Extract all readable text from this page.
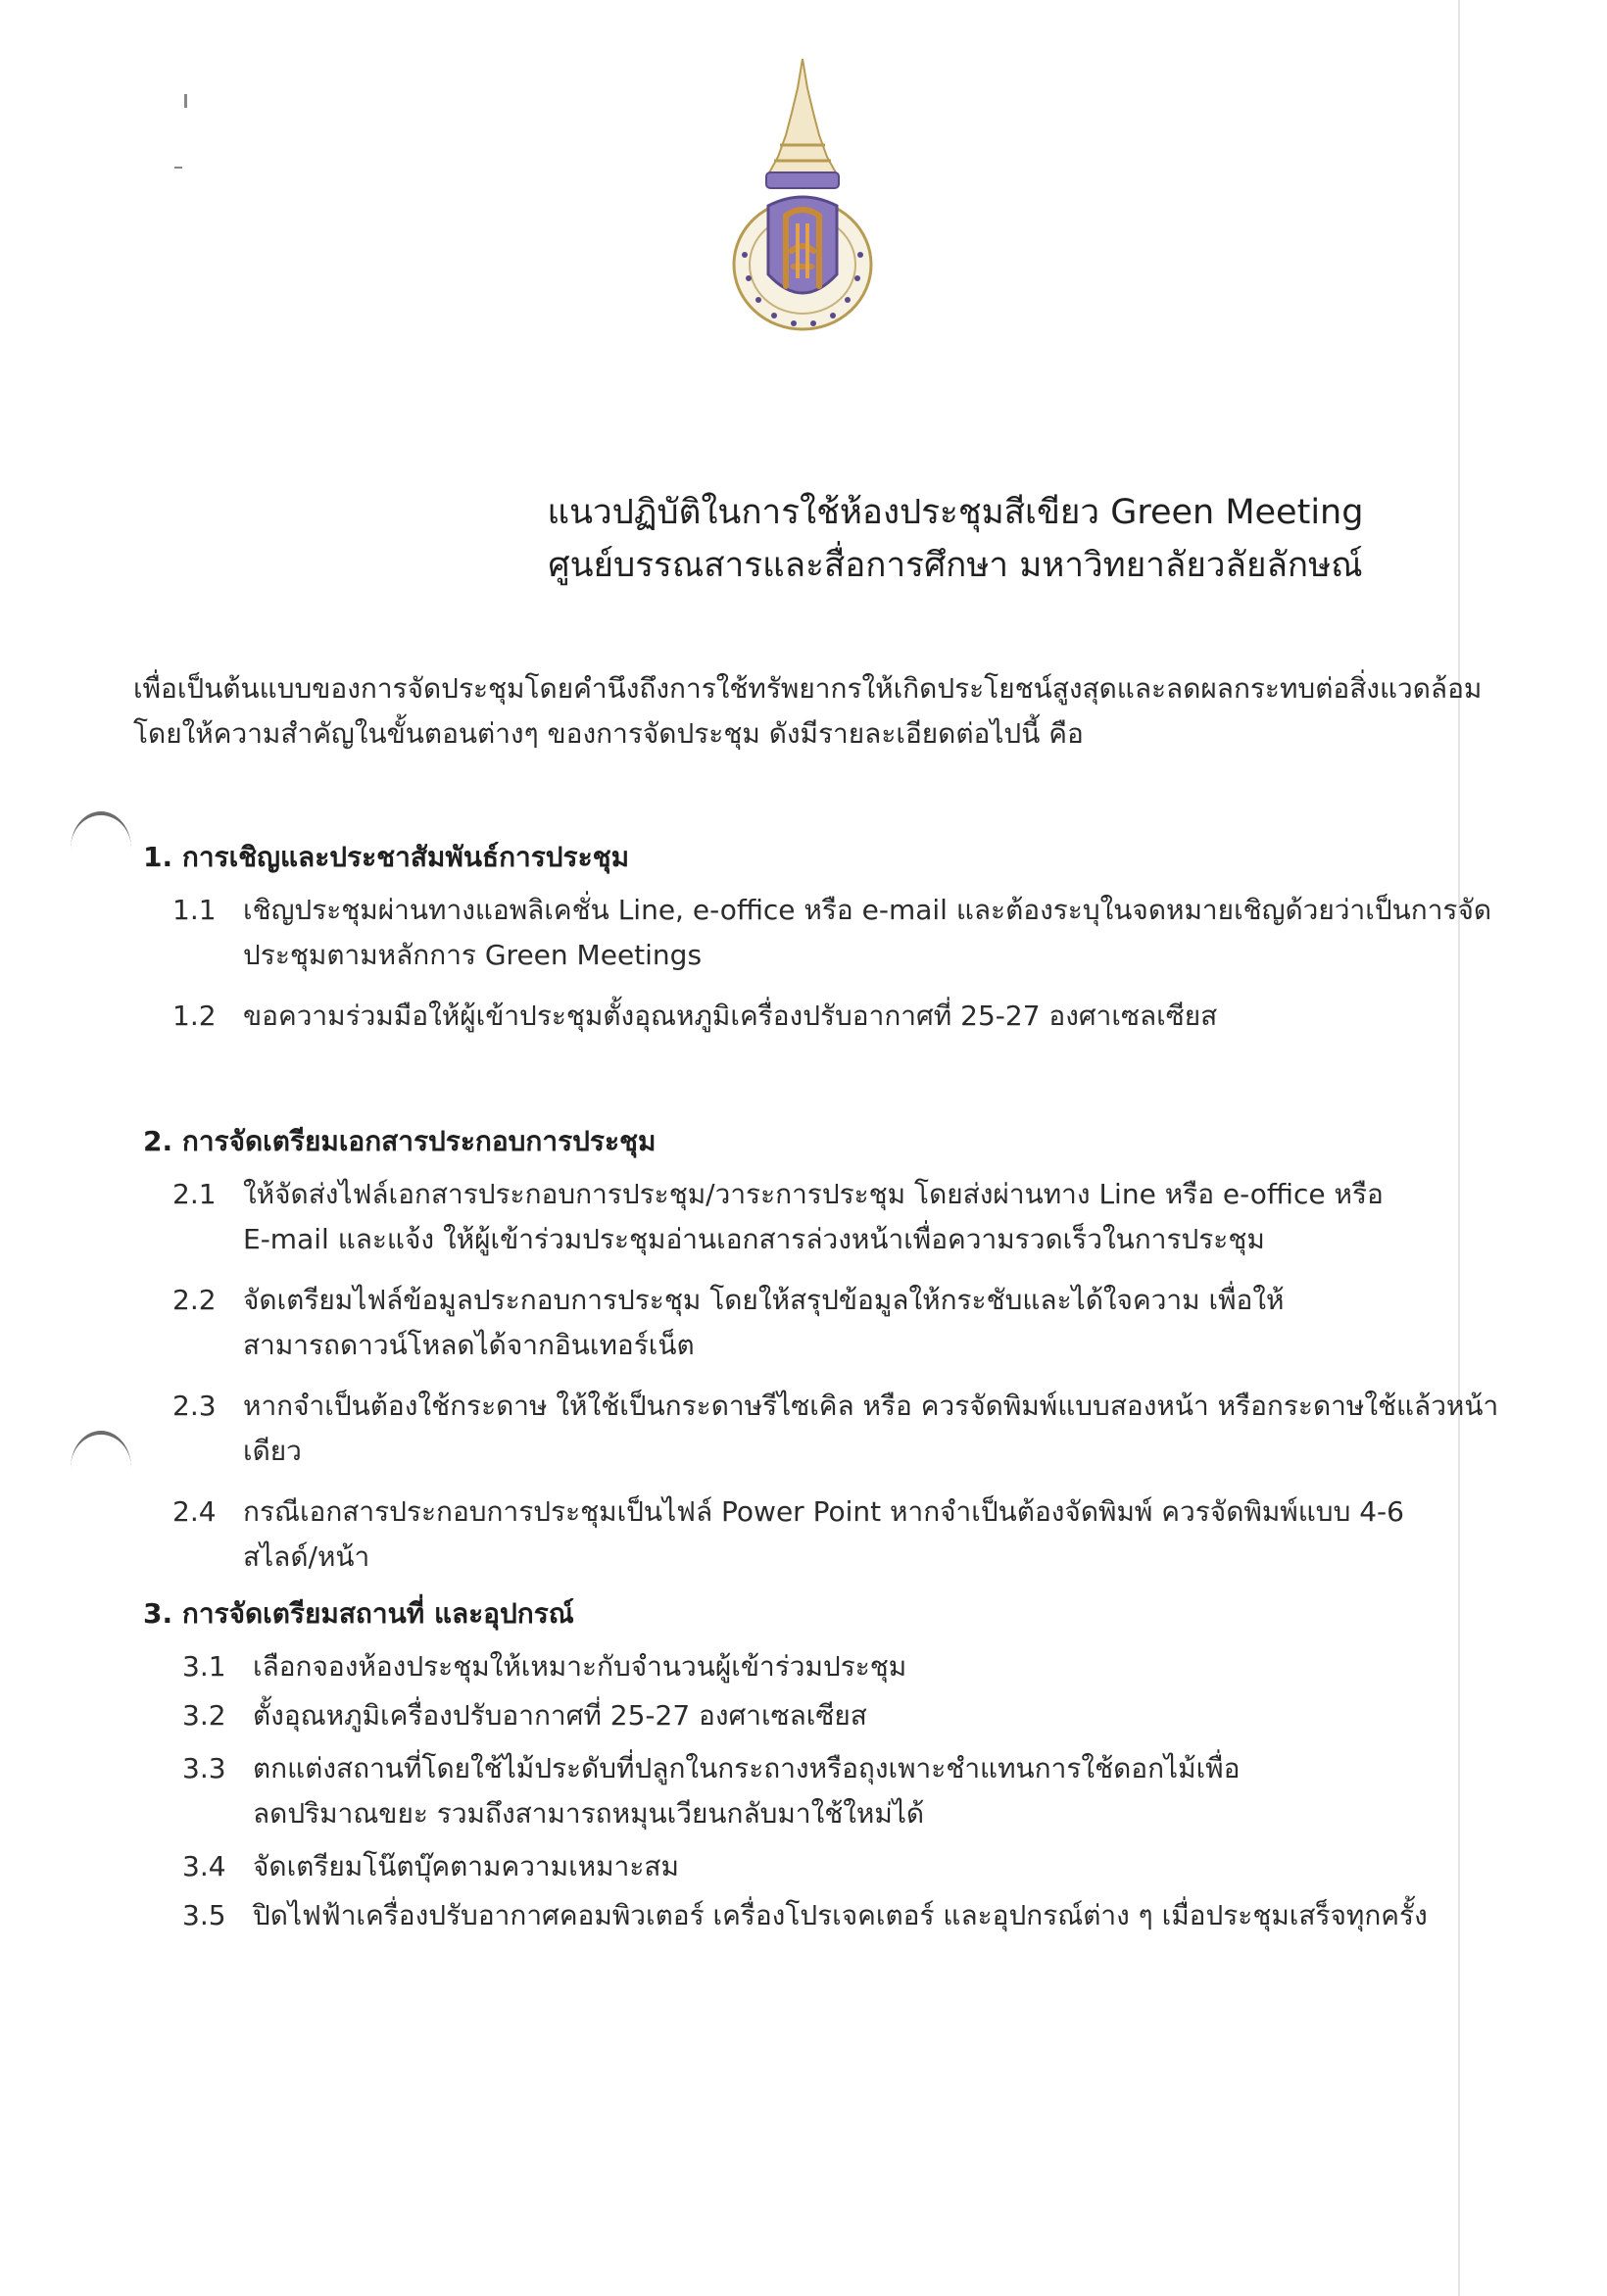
แนวปฏิบัติในการใช้ห้องประชุมสีเขียว Green Meeting
ศูนย์บรรณสารและสื่อการศึกษา มหาวิทยาลัยวลัยลักษณ์

เพื่อเป็นต้นแบบของการจัดประชุมโดยคำนึงถึงการใช้ทรัพยากรให้เกิดประโยชน์สูงสุดและลดผลกระทบต่อสิ่งแวดล้อม

โดยให้ความสำคัญในขั้นตอนต่างๆ ของการจัดประชุม ดังมีรายละเอียดต่อไปนี้ คือ

1. การเชิญและประชาสัมพันธ์การประชุม
1.1 เชิญประชุมผ่านทางแอพลิเคชั่น Line, e-office หรือ e-mail และต้องระบุในจดหมายเชิญด้วยว่าเป็นการจัดประชุมตามหลักการ Green Meetings
1.2 ขอความร่วมมือให้ผู้เข้าประชุมตั้งอุณหภูมิเครื่องปรับอากาศที่ 25-27 องศาเซลเซียส
2. การจัดเตรียมเอกสารประกอบการประชุม
2.1 ให้จัดส่งไฟล์เอกสารประกอบการประชุม/วาระการประชุม โดยส่งผ่านทาง Line หรือ e-office หรือ E-mail และแจ้ง ให้ผู้เข้าร่วมประชุมอ่านเอกสารล่วงหน้าเพื่อความรวดเร็วในการประชุม
2.2 จัดเตรียมไฟล์ข้อมูลประกอบการประชุม โดยให้สรุปข้อมูลให้กระชับและได้ใจความ เพื่อให้สามารถดาวน์โหลดได้จากอินเทอร์เน็ต
2.3 หากจำเป็นต้องใช้กระดาษ ให้ใช้เป็นกระดาษรีไซเคิล หรือ ควรจัดพิมพ์แบบสองหน้า หรือกระดาษใช้แล้วหน้าเดียว
2.4 กรณีเอกสารประกอบการประชุมเป็นไฟล์ Power Point หากจำเป็นต้องจัดพิมพ์ ควรจัดพิมพ์แบบ 4-6 สไลด์/หน้า
3. การจัดเตรียมสถานที่ และอุปกรณ์
3.1 เลือกจองห้องประชุมให้เหมาะกับจำนวนผู้เข้าร่วมประชุม
3.2 ตั้งอุณหภูมิเครื่องปรับอากาศที่ 25-27 องศาเซลเซียส
3.3 ตกแต่งสถานที่โดยใช้ไม้ประดับที่ปลูกในกระถางหรือถุงเพาะชำแทนการใช้ดอกไม้เพื่อลดปริมาณขยะ รวมถึงสามารถหมุนเวียนกลับมาใช้ใหม่ได้
3.4 จัดเตรียมโน๊ตบุ๊คตามความเหมาะสม
3.5 ปิดไฟฟ้าเครื่องปรับอากาศคอมพิวเตอร์ เครื่องโปรเจคเตอร์ และอุปกรณ์ต่าง ๆ เมื่อประชุมเสร็จทุกครั้ง
